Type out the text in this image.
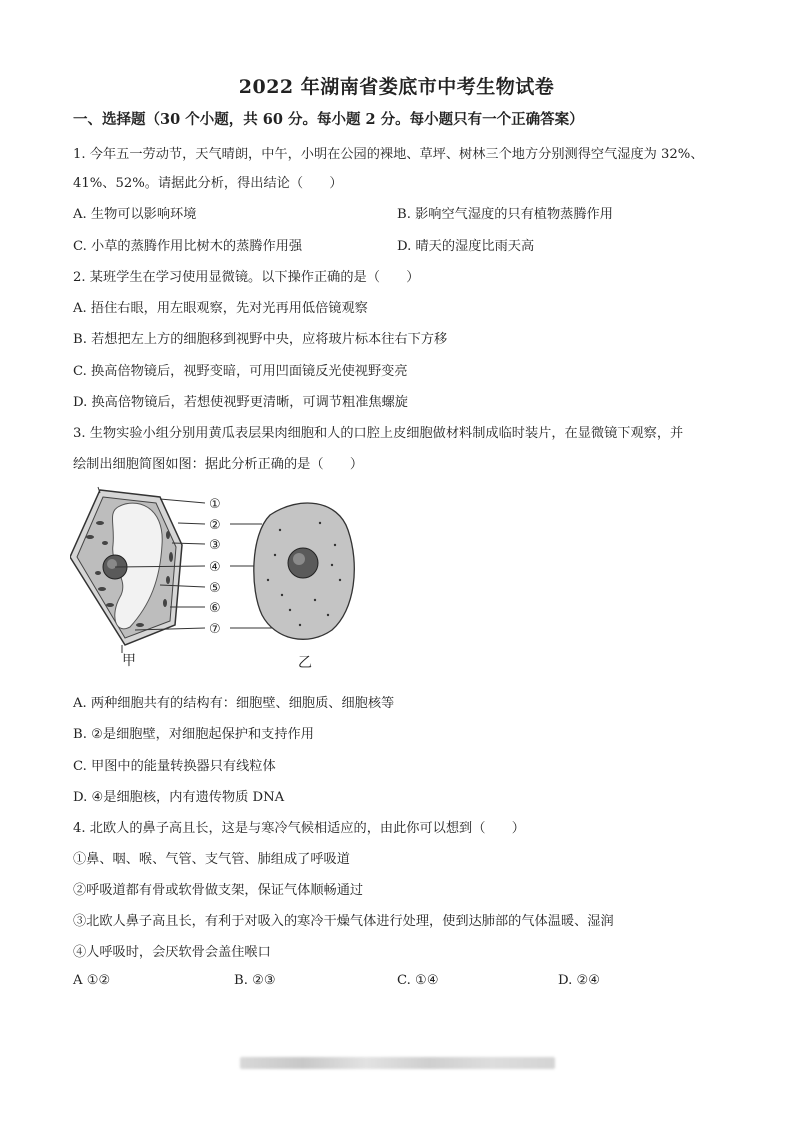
2022 年湖南省娄底市中考生物试卷
一、选择题（30 个小题，共 60 分。每小题 2 分。每小题只有一个正确答案）
1. 今年五一劳动节，天气晴朗，中午，小明在公园的裸地、草坪、树林三个地方分别测得空气湿度为 32%、
41%、52%。请据此分析，得出结论（　　）
A. 生物可以影响环境	B. 影响空气湿度的只有植物蒸腾作用
C. 小草的蒸腾作用比树木的蒸腾作用强	D. 晴天的湿度比雨天高
2. 某班学生在学习使用显微镜。以下操作正确的是（　　）
A. 捂住右眼，用左眼观察，先对光再用低倍镜观察
B. 若想把左上方的细胞移到视野中央，应将玻片标本往右下方移
C. 换高倍物镜后，视野变暗，可用凹面镜反光使视野变亮
D. 换高倍物镜后，若想使视野更清晰，可调节粗准焦螺旋
3. 生物实验小组分别用黄瓜表层果肉细胞和人的口腔上皮细胞做材料制成临时装片，在显微镜下观察，并
绘制出细胞简图如图：据此分析正确的是（　　）
①
②
③
④
⑤
⑥
⑦
甲	乙
A. 两种细胞共有的结构有：细胞壁、细胞质、细胞核等
B. ②是细胞壁，对细胞起保护和支持作用
C. 甲图中的能量转换器只有线粒体
D. ④是细胞核，内有遗传物质 DNA
4. 北欧人的鼻子高且长，这是与寒冷气候相适应的，由此你可以想到（　　）
①鼻、咽、喉、气管、支气管、肺组成了呼吸道
②呼吸道都有骨或软骨做支架，保证气体顺畅通过
③北欧人鼻子高且长，有利于对吸入的寒冷干燥气体进行处理，使到达肺部的气体温暖、湿润
④人呼吸时，会厌软骨会盖住喉口
A ①②	B. ②③	C. ①④	D. ②④
